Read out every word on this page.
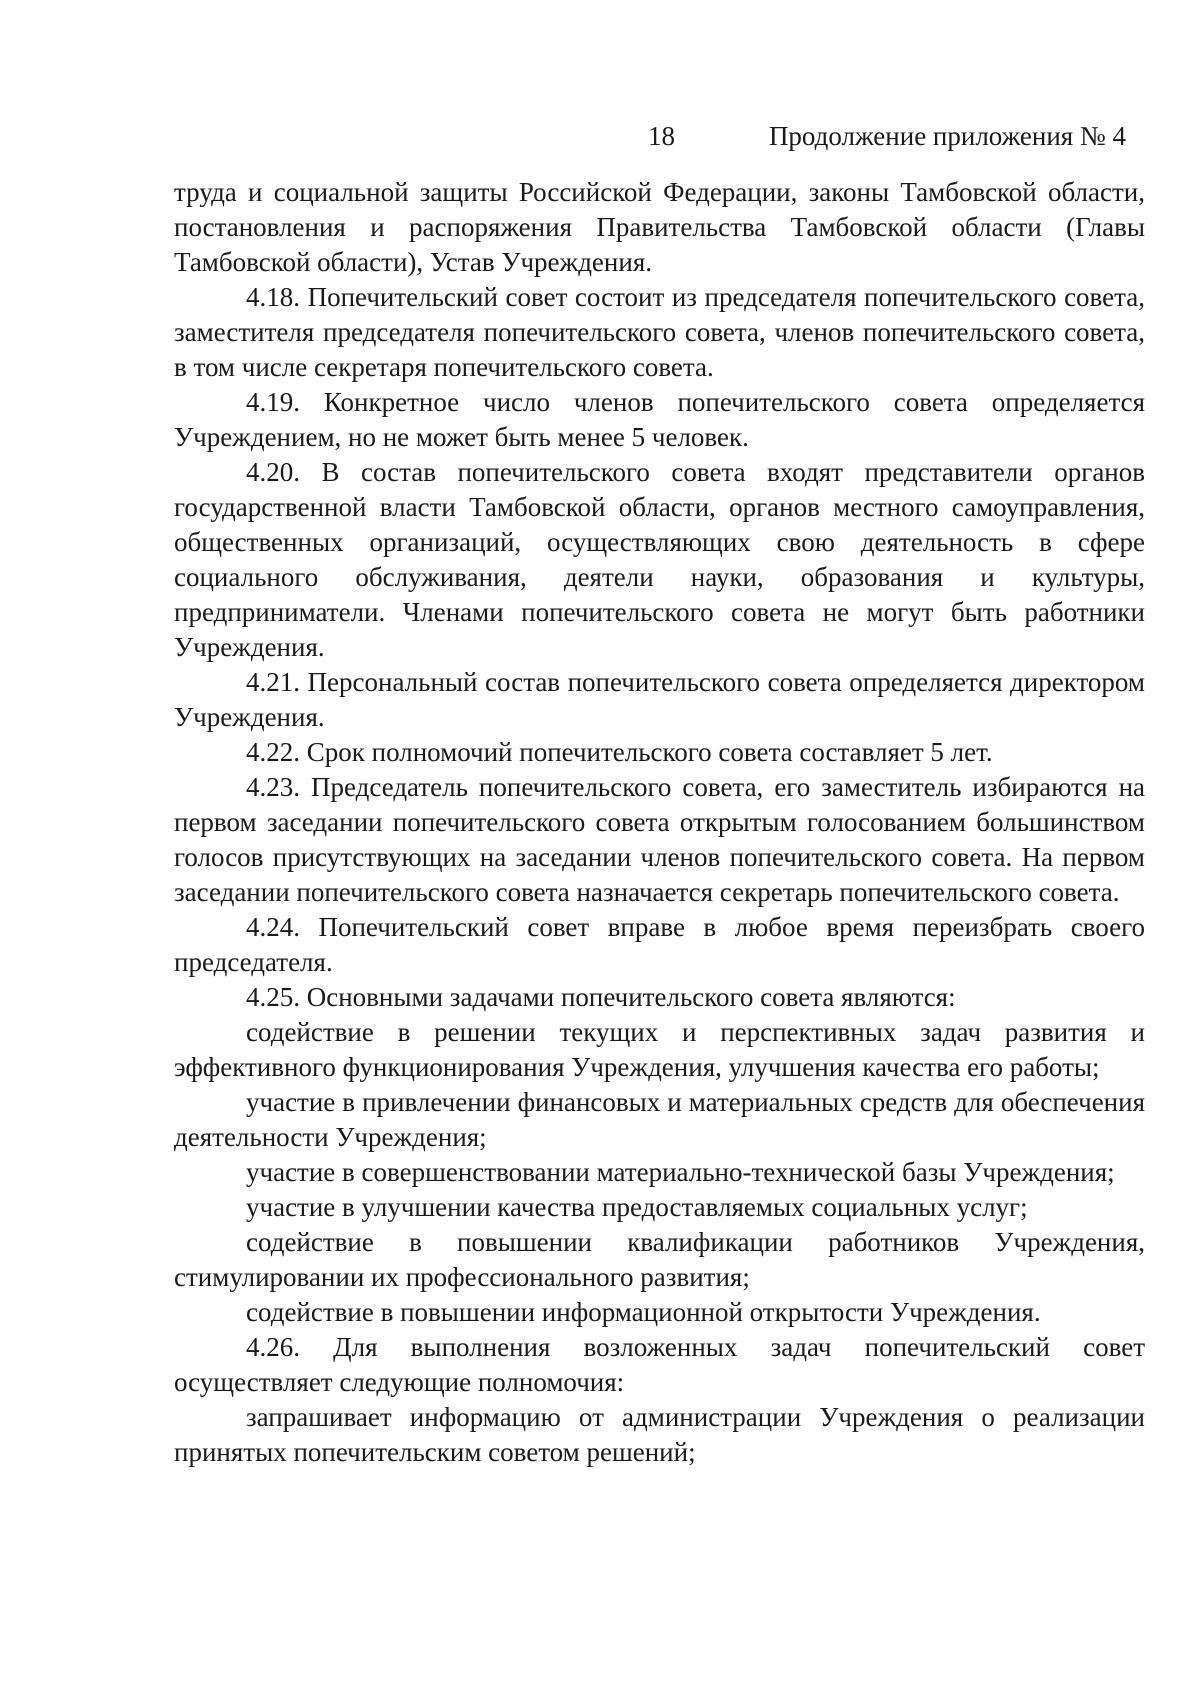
18	Продолжение приложения № 4

труда и социальной защиты Российской Федерации, законы Тамбовской области, постановления и распоряжения Правительства Тамбовской области (Главы Тамбовской области), Устав Учреждения.

4.18. Попечительский совет состоит из председателя попечительского совета, заместителя председателя попечительского совета, членов попечительского совета, в том числе секретаря попечительского совета.

4.19. Конкретное число членов попечительского совета определяется Учреждением, но не может быть менее 5 человек.

4.20. В состав попечительского совета входят представители органов государственной власти Тамбовской области, органов местного самоуправления, общественных организаций, осуществляющих свою деятельность в сфере социального обслуживания, деятели науки, образования и культуры, предприниматели. Членами попечительского совета не могут быть работники Учреждения.

4.21. Персональный состав попечительского совета определяется директором Учреждения.

4.22. Срок полномочий попечительского совета составляет 5 лет.

4.23. Председатель попечительского совета, его заместитель избираются на первом заседании попечительского совета открытым голосованием большинством голосов присутствующих на заседании членов попечительского совета. На первом заседании попечительского совета назначается секретарь попечительского совета.

4.24. Попечительский совет вправе в любое время переизбрать своего председателя.

4.25. Основными задачами попечительского совета являются:

содействие в решении текущих и перспективных задач развития и эффективного функционирования Учреждения, улучшения качества его работы;

участие в привлечении финансовых и материальных средств для обеспечения деятельности Учреждения;

участие в совершенствовании материально-технической базы Учреждения;

участие в улучшении качества предоставляемых социальных услуг;

содействие в повышении квалификации работников Учреждения, стимулировании их профессионального развития;

содействие в повышении информационной открытости Учреждения.

4.26. Для выполнения возложенных задач попечительский совет осуществляет следующие полномочия:

запрашивает информацию от администрации Учреждения о реализации принятых попечительским советом решений;
